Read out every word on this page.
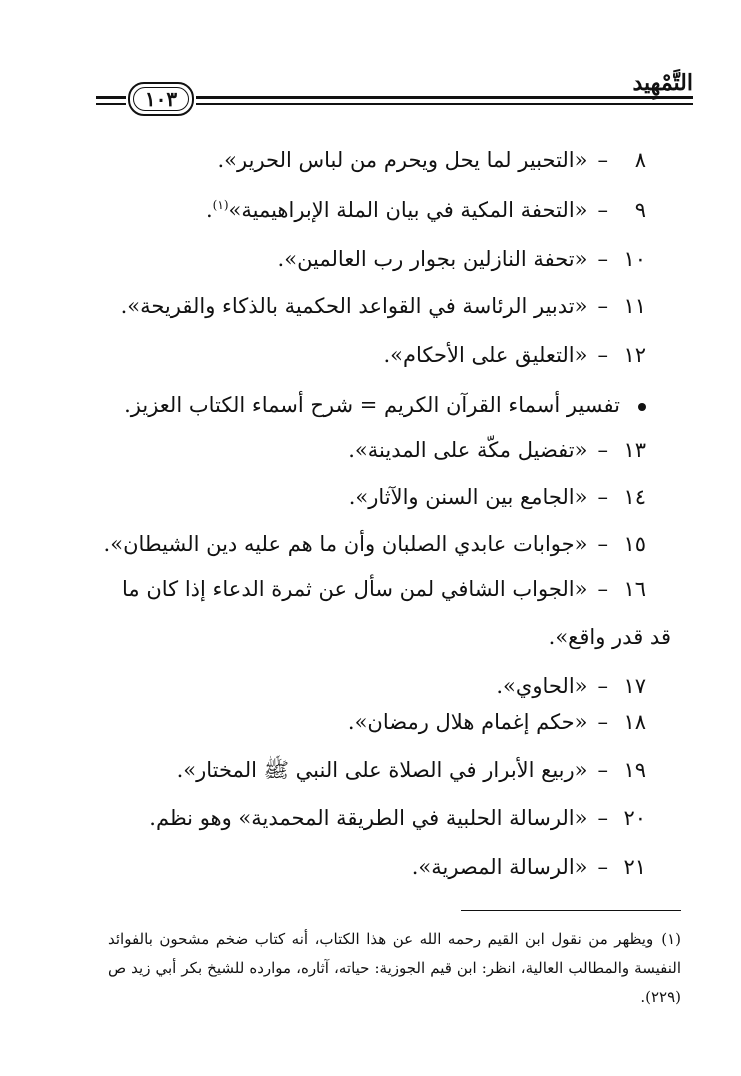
التَّمْهِيد
١٠٣
٨–«التحبير لما يحل ويحرم من لباس الحرير».
٩–«التحفة المكية في بيان الملة الإبراهيمية»$^{(١)}$.
١٠–«تحفة النازلين بجوار رب العالمين».
١١–«تدبير الرئاسة في القواعد الحكمية بالذكاء والقريحة».
١٢–«التعليق على الأحكام».
تفسير أسماء القرآن الكريم = شرح أسماء الكتاب العزيز.
١٣–«تفضيل مكّة على المدينة».
١٤–«الجامع بين السنن والآثار».
١٥–«جوابات عابدي الصلبان وأن ما هم عليه دين الشيطان».
١٦–«الجواب الشافي لمن سأل عن ثمرة الدعاء إذا كان ما
قد قدر واقع».
١٧–«الحاوي».
١٨–«حكم إغمام هلال رمضان».
١٩–«ربيع الأبرار في الصلاة على النبي ﷺ المختار».
٢٠–«الرسالة الحلبية في الطريقة المحمدية» وهو نظم.
٢١–«الرسالة المصرية».
(١)ويظهر من نقول ابن القيم رحمه الله عن هذا الكتاب، أنه كتاب ضخم مشحون بالفوائد النفيسة والمطالب العالية، انظر: ابن قيم الجوزية: حياته، آثاره، موارده للشيخ بكر أبي زيد ص (٢٢٩).
